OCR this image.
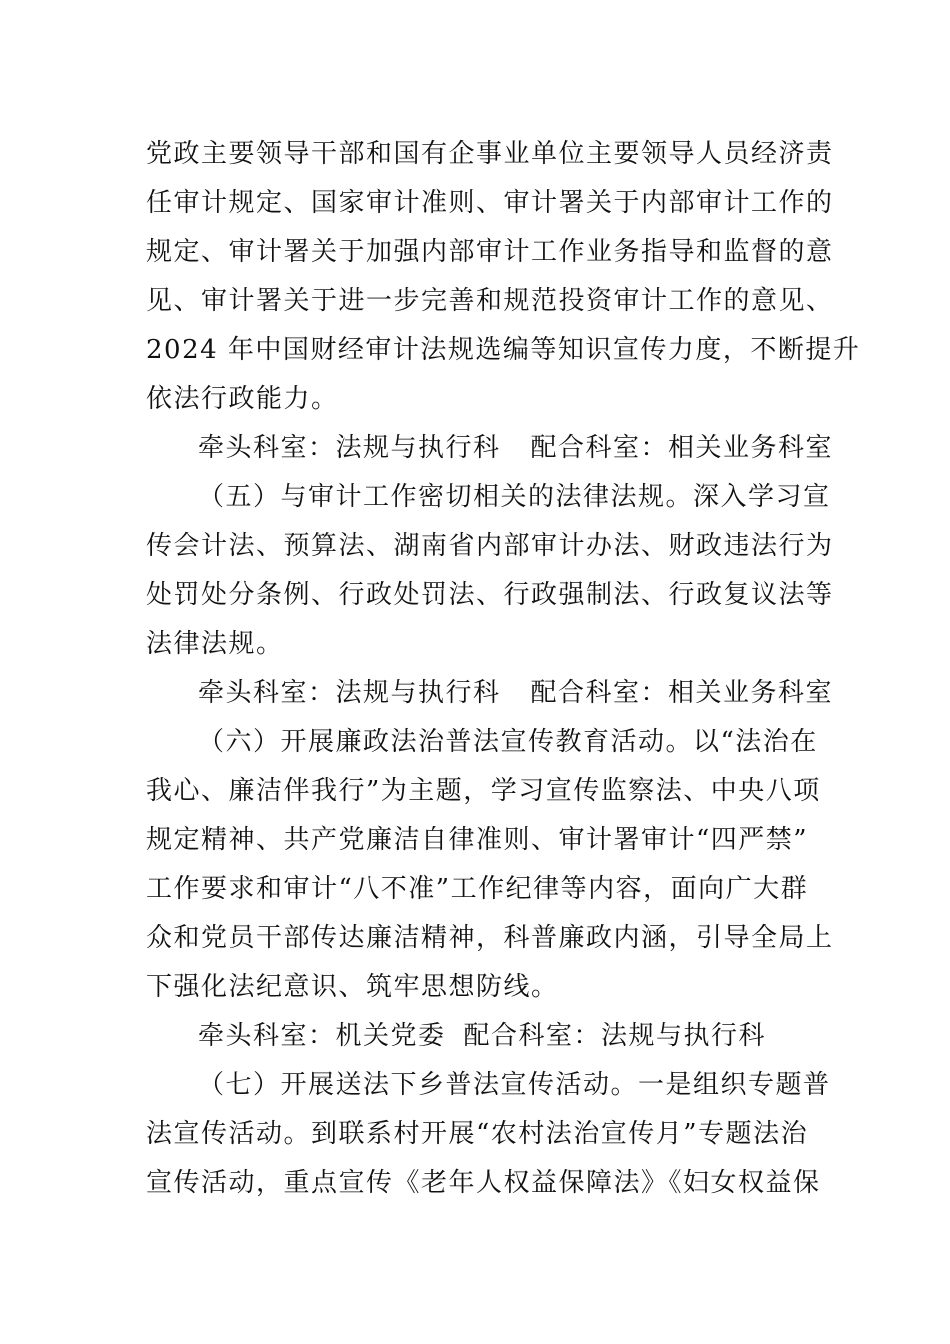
党政主要领导干部和国有企事业单位主要领导人员经济责
任审计规定、国家审计准则、审计署关于内部审计工作的
规定、审计署关于加强内部审计工作业务指导和监督的意
见、审计署关于进一步完善和规范投资审计工作的意见、
2024 年中国财经审计法规选编等知识宣传力度，不断提升
依法行政能力。
牵头科室：法规与执行科 配合科室：相关业务科室
（五）与审计工作密切相关的法律法规。深入学习宣
传会计法、预算法、湖南省内部审计办法、财政违法行为
处罚处分条例、行政处罚法、行政强制法、行政复议法等
法律法规。
牵头科室：法规与执行科 配合科室：相关业务科室
（六）开展廉政法治普法宣传教育活动。以“法治在
我心、廉洁伴我行”为主题，学习宣传监察法、中央八项
规定精神、共产党廉洁自律准则、审计署审计“四严禁”
工作要求和审计“八不准”工作纪律等内容，面向广大群
众和党员干部传达廉洁精神，科普廉政内涵，引导全局上
下强化法纪意识、筑牢思想防线。
牵头科室：机关党委 配合科室：法规与执行科
（七）开展送法下乡普法宣传活动。一是组织专题普
法宣传活动。到联系村开展“农村法治宣传月”专题法治
宣传活动，重点宣传《老年人权益保障法》《妇女权益保
